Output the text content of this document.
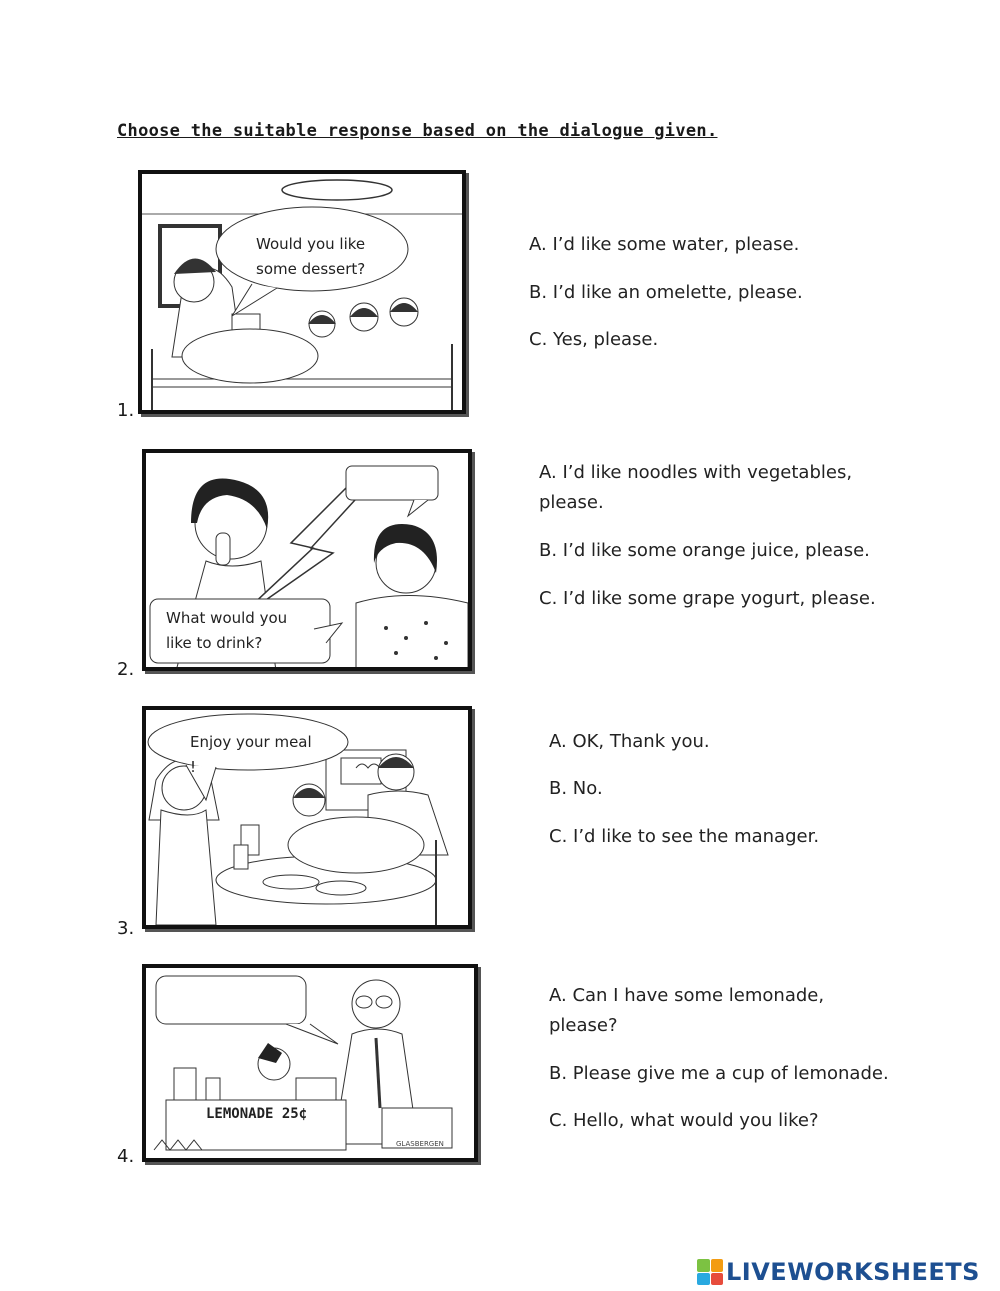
Choose the suitable response based on the dialogue given.
Would you like some dessert?
1.
A. I’d like some water, please.
B. I’d like an omelette, please.
C. Yes, please.
What would you like to drink?
2.
A. I’d like noodles with vegetables, please.
B. I’d like some orange juice, please.
C. I’d like some grape yogurt, please.
Enjoy your meal !
3.
A. OK, Thank you.
B. No.
C. I’d like to see the manager.
LEMONADE 25¢
GLASBERGEN
4.
A. Can I have some lemonade, please?
B. Please give me a cup of lemonade.
C. Hello, what would you like?
LIVEWORKSHEETS
